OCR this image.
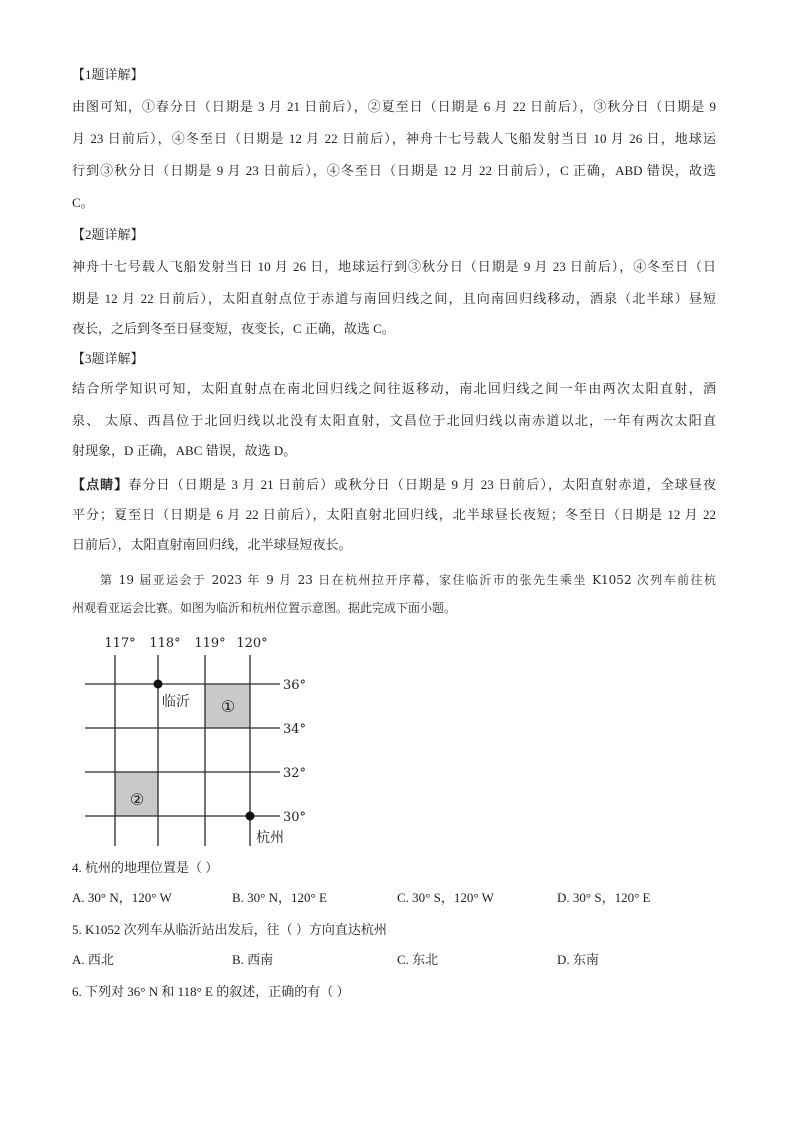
【1题详解】
由图可知，①春分日（日期是 3 月 21 日前后），②夏至日（日期是 6 月 22 日前后），③秋分日（日期是 9
月 23 日前后），④冬至日（日期是 12 月 22 日前后），神舟十七号载人飞船发射当日 10 月 26 日，地球运
行到③秋分日（日期是 9 月 23 日前后），④冬至日（日期是 12 月 22 日前后），C 正确，ABD 错误，故选
C。
【2题详解】
神舟十七号载人飞船发射当日 10 月 26 日，地球运行到③秋分日（日期是 9 月 23 日前后），④冬至日（日
期是 12 月 22 日前后），太阳直射点位于赤道与南回归线之间，且向南回归线移动，酒泉（北半球）昼短
夜长，之后到冬至日昼变短，夜变长，C 正确，故选 C。
【3题详解】
结合所学知识可知，太阳直射点在南北回归线之间往返移动，南北回归线之间一年由两次太阳直射，酒
泉、 太原、西昌位于北回归线以北没有太阳直射，文昌位于北回归线以南赤道以北，一年有两次太阳直
射现象，D 正确，ABC 错误，故选 D。
【点睛】春分日（日期是 3 月 21 日前后）或秋分日（日期是 9 月 23 日前后），太阳直射赤道，全球昼夜
平分；夏至日（日期是 6 月 22 日前后），太阳直射北回归线，北半球昼长夜短；冬至日（日期是 12 月 22
日前后），太阳直射南回归线，北半球昼短夜长。
第 19 届亚运会于 2023 年 9 月 23 日在杭州拉开序幕，家住临沂市的张先生乘坐 K1052 次列车前往杭
州观看亚运会比赛。如图为临沂和杭州位置示意图。据此完成下面小题。
117° 118° 119° 120°
36°
34°
32°
30°
①
②
临沂
杭州
4. 杭州的地理位置是（ ）
A. 30° N，120° W	B. 30° N，120° E	C. 30° S，120° W	D. 30° S，120° E
5. K1052 次列车从临沂站出发后，往（ ）方向直达杭州
A. 西北	B. 西南	C. 东北	D. 东南
6. 下列对 36° N 和 118° E 的叙述，正确的有（ ）
